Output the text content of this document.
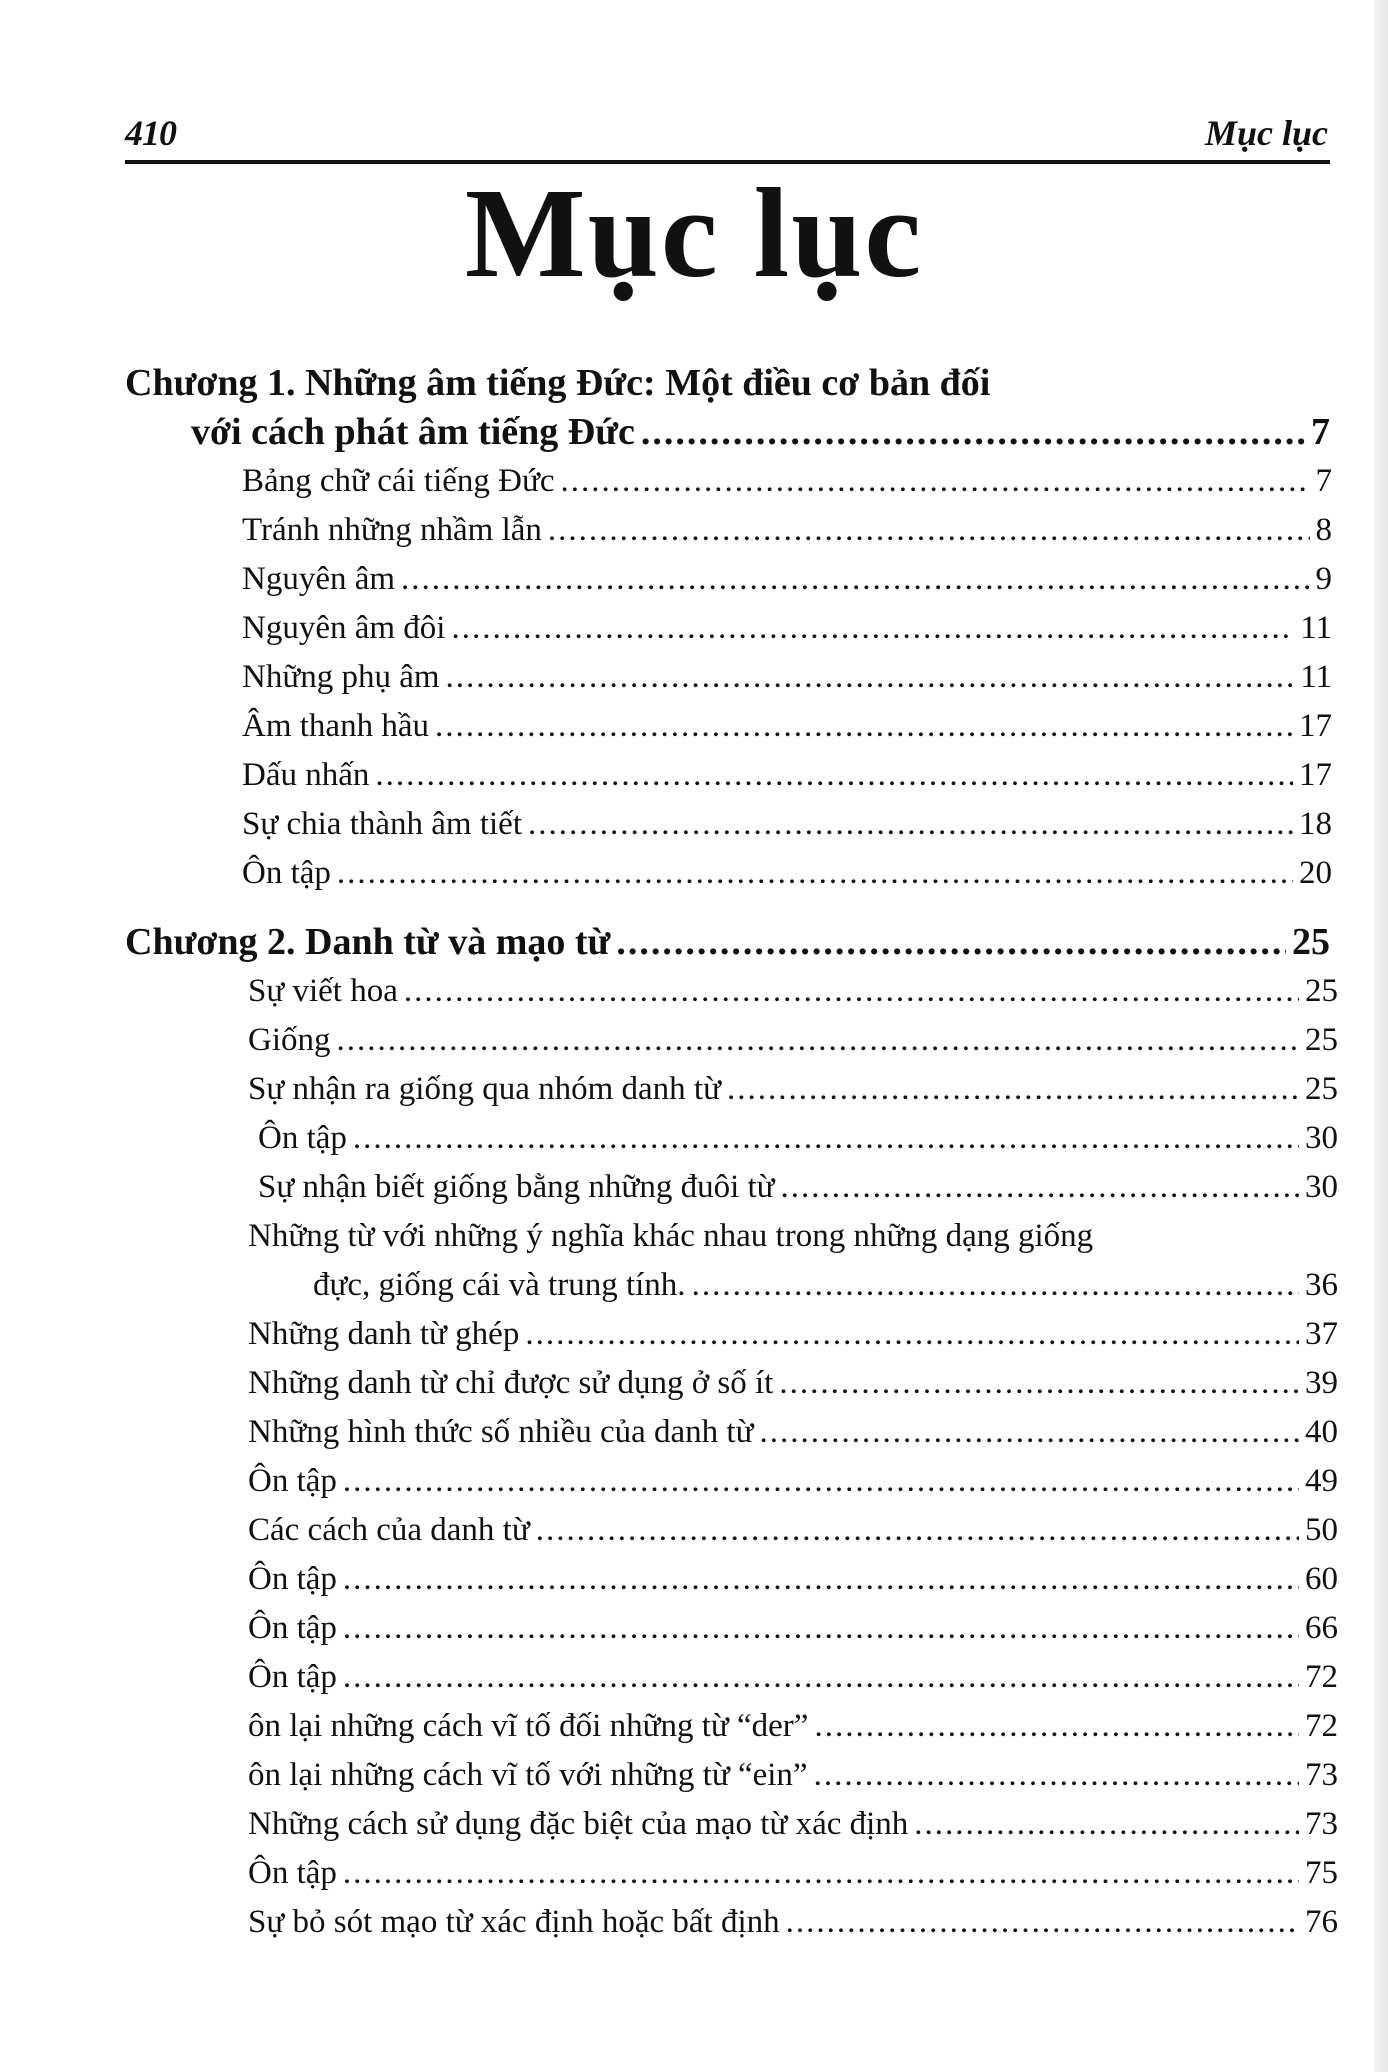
410	Mục lục
Mục lục
Chương 1. Những âm tiếng Đức: Một điều cơ bản đối
với cách phát âm tiếng Đức .....	7
Bảng chữ cái tiếng Đức .....	7
Tránh những nhầm lẫn .....	8
Nguyên âm .....	9
Nguyên âm đôi .....	11
Những phụ âm .....	11
Âm thanh hầu .....	17
Dấu nhấn .....	17
Sự chia thành âm tiết .....	18
Ôn tập .....	20
Chương 2. Danh từ và mạo từ .....	25
Sự viết hoa .....	25
Giống .....	25
Sự nhận ra giống qua nhóm danh từ .....	25
Ôn tập .....	30
Sự nhận biết giống bằng những đuôi từ .....	30
Những từ với những ý nghĩa khác nhau trong những dạng giống
đực, giống cái và trung tính. .....	36
Những danh từ ghép .....	37
Những danh từ chỉ được sử dụng ở số ít .....	39
Những hình thức số nhiều của danh từ .....	40
Ôn tập .....	49
Các cách của danh từ .....	50
Ôn tập .....	60
Ôn tập .....	66
Ôn tập .....	72
ôn lại những cách vĩ tố đối những từ “der” .....	72
ôn lại những cách vĩ tố với những từ “ein” .....	73
Những cách sử dụng đặc biệt của mạo từ xác định .....	73
Ôn tập .....	75
Sự bỏ sót mạo từ xác định hoặc bất định .....	76
